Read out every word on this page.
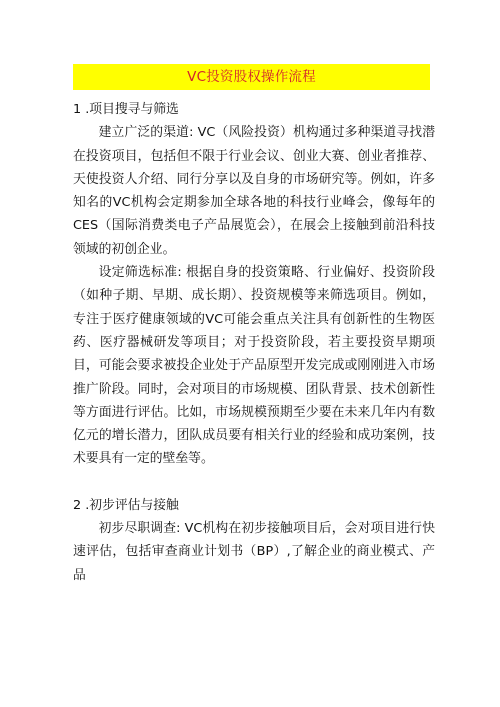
VC投资股权操作流程

1 .项目搜寻与筛选

建立广泛的渠道: VC（风险投资）机构通过多种渠道寻找潜在投资项目，包括但不限于行业会议、创业大赛、创业者推荐、天使投资人介绍、同行分享以及自身的市场研究等。例如，许多知名的VC机构会定期参加全球各地的科技行业峰会，像每年的CES（国际消费类电子产品展览会），在展会上接触到前沿科技领域的初创企业。

设定筛选标准: 根据自身的投资策略、行业偏好、投资阶段（如种子期、早期、成长期）、投资规模等来筛选项目。例如，专注于医疗健康领域的VC可能会重点关注具有创新性的生物医药、医疗器械研发等项目；对于投资阶段，若主要投资早期项目，可能会要求被投企业处于产品原型开发完成或刚刚进入市场推广阶段。同时，会对项目的市场规模、团队背景、技术创新性等方面进行评估。比如，市场规模预期至少要在未来几年内有数亿元的增长潜力，团队成员要有相关行业的经验和成功案例，技术要具有一定的壁垒等。

2 .初步评估与接触

初步尽职调查: VC机构在初步接触项目后，会对项目进行快速评估，包括审查商业计划书（BP）,了解企业的商业模式、产品
